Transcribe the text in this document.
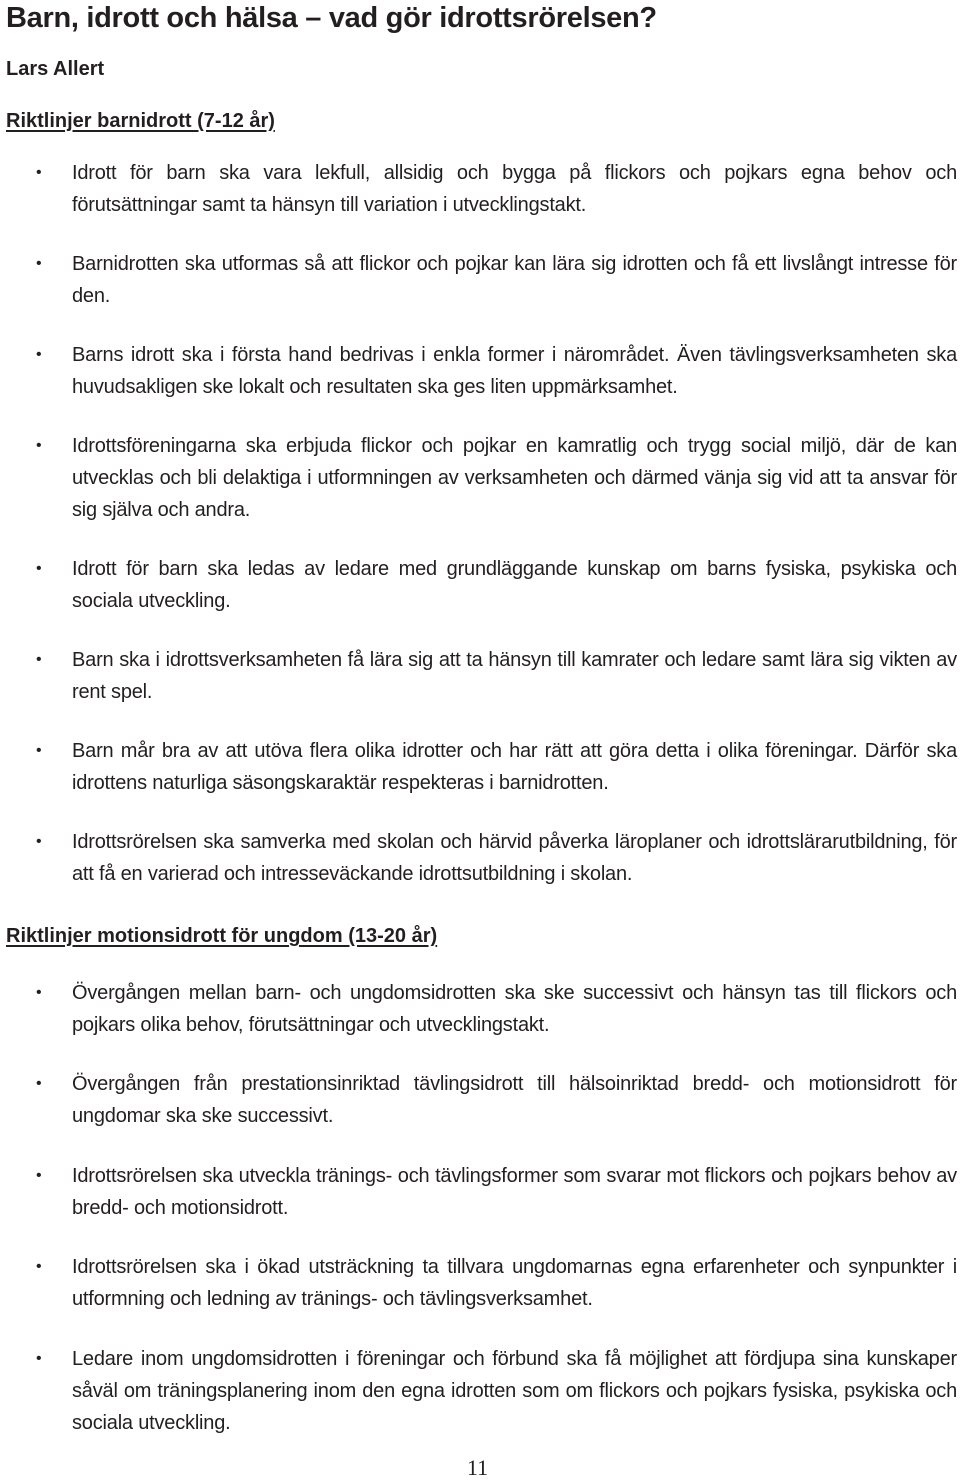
Barn, idrott och hälsa – vad gör idrottsrörelsen?
Lars Allert
Riktlinjer barnidrott (7-12 år)
• Idrott för barn ska vara lekfull, allsidig och bygga på flickors och pojkars egna behov och förutsättningar samt ta hänsyn till variation i utvecklingstakt.
• Barnidrotten ska utformas så att flickor och pojkar kan lära sig idrotten och få ett livslångt intresse för den.
• Barns idrott ska i första hand bedrivas i enkla former i närområdet. Även tävlingsverksamheten ska huvudsakligen ske lokalt och resultaten ska ges liten uppmärksamhet.
• Idrottsföreningarna ska erbjuda flickor och pojkar en kamratlig och trygg social miljö, där de kan utvecklas och bli delaktiga i utformningen av verksamheten och därmed vänja sig vid att ta ansvar för sig själva och andra.
• Idrott för barn ska ledas av ledare med grundläggande kunskap om barns fysiska, psykiska och sociala utveckling.
• Barn ska i idrottsverksamheten få lära sig att ta hänsyn till kamrater och ledare samt lära sig vikten av rent spel.
• Barn mår bra av att utöva flera olika idrotter och har rätt att göra detta i olika föreningar. Därför ska idrottens naturliga säsongskaraktär respekteras i barnidrotten.
• Idrottsrörelsen ska samverka med skolan och härvid påverka läroplaner och idrottslärarutbildning, för att få en varierad och intresseväckande idrottsutbildning i skolan.
Riktlinjer motionsidrott för ungdom (13-20 år)
• Övergången mellan barn- och ungdomsidrotten ska ske successivt och hänsyn tas till flickors och pojkars olika behov, förutsättningar och utvecklingstakt.
• Övergången från prestationsinriktad tävlingsidrott till hälsoinriktad bredd- och motionsidrott för ungdomar ska ske successivt.
• Idrottsrörelsen ska utveckla tränings- och tävlingsformer som svarar mot flickors och pojkars behov av bredd- och motionsidrott.
• Idrottsrörelsen ska i ökad utsträckning ta tillvara ungdomarnas egna erfarenheter och synpunkter i utformning och ledning av tränings- och tävlingsverksamhet.
• Ledare inom ungdomsidrotten i föreningar och förbund ska få möjlighet att fördjupa sina kunskaper såväl om träningsplanering inom den egna idrotten som om flickors och pojkars fysiska, psykiska och sociala utveckling.
11
